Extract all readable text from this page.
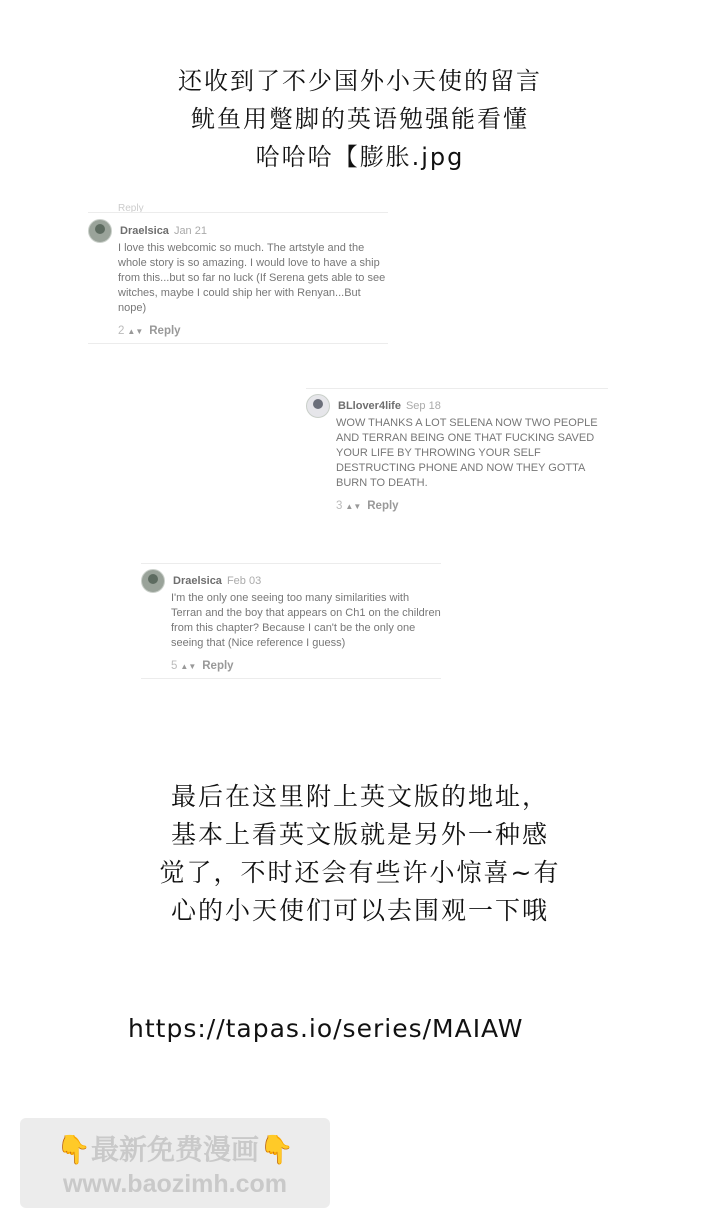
还收到了不少国外小天使的留言
鱿鱼用蹩脚的英语勉强能看懂
哈哈哈【膨胀.jpg
Reply
Draelsica Jan 21
I love this webcomic so much. The artstyle and the whole story is so amazing. I would love to have a ship from this...but so far no luck (If Serena gets able to see witches, maybe I could ship her with Renyan...But nope)
2 ▲▼ Reply
BLlover4life Sep 18
WOW THANKS A LOT SELENA NOW TWO PEOPLE AND TERRAN BEING ONE THAT FUCKING SAVED YOUR LIFE BY THROWING YOUR SELF DESTRUCTING PHONE AND NOW THEY GOTTA BURN TO DEATH.
3 ▲▼ Reply
Draelsica Feb 03
I'm the only one seeing too many similarities with Terran and the boy that appears on Ch1 on the children from this chapter? Because I can't be the only one seeing that (Nice reference I guess)
5 ▲▼ Reply
最后在这里附上英文版的地址，
基本上看英文版就是另外一种感
觉了，不时还会有些许小惊喜~有
心的小天使们可以去围观一下哦
https://tapas.io/series/MAIAW
👇最新免费漫画👇
www.baozimh.com
